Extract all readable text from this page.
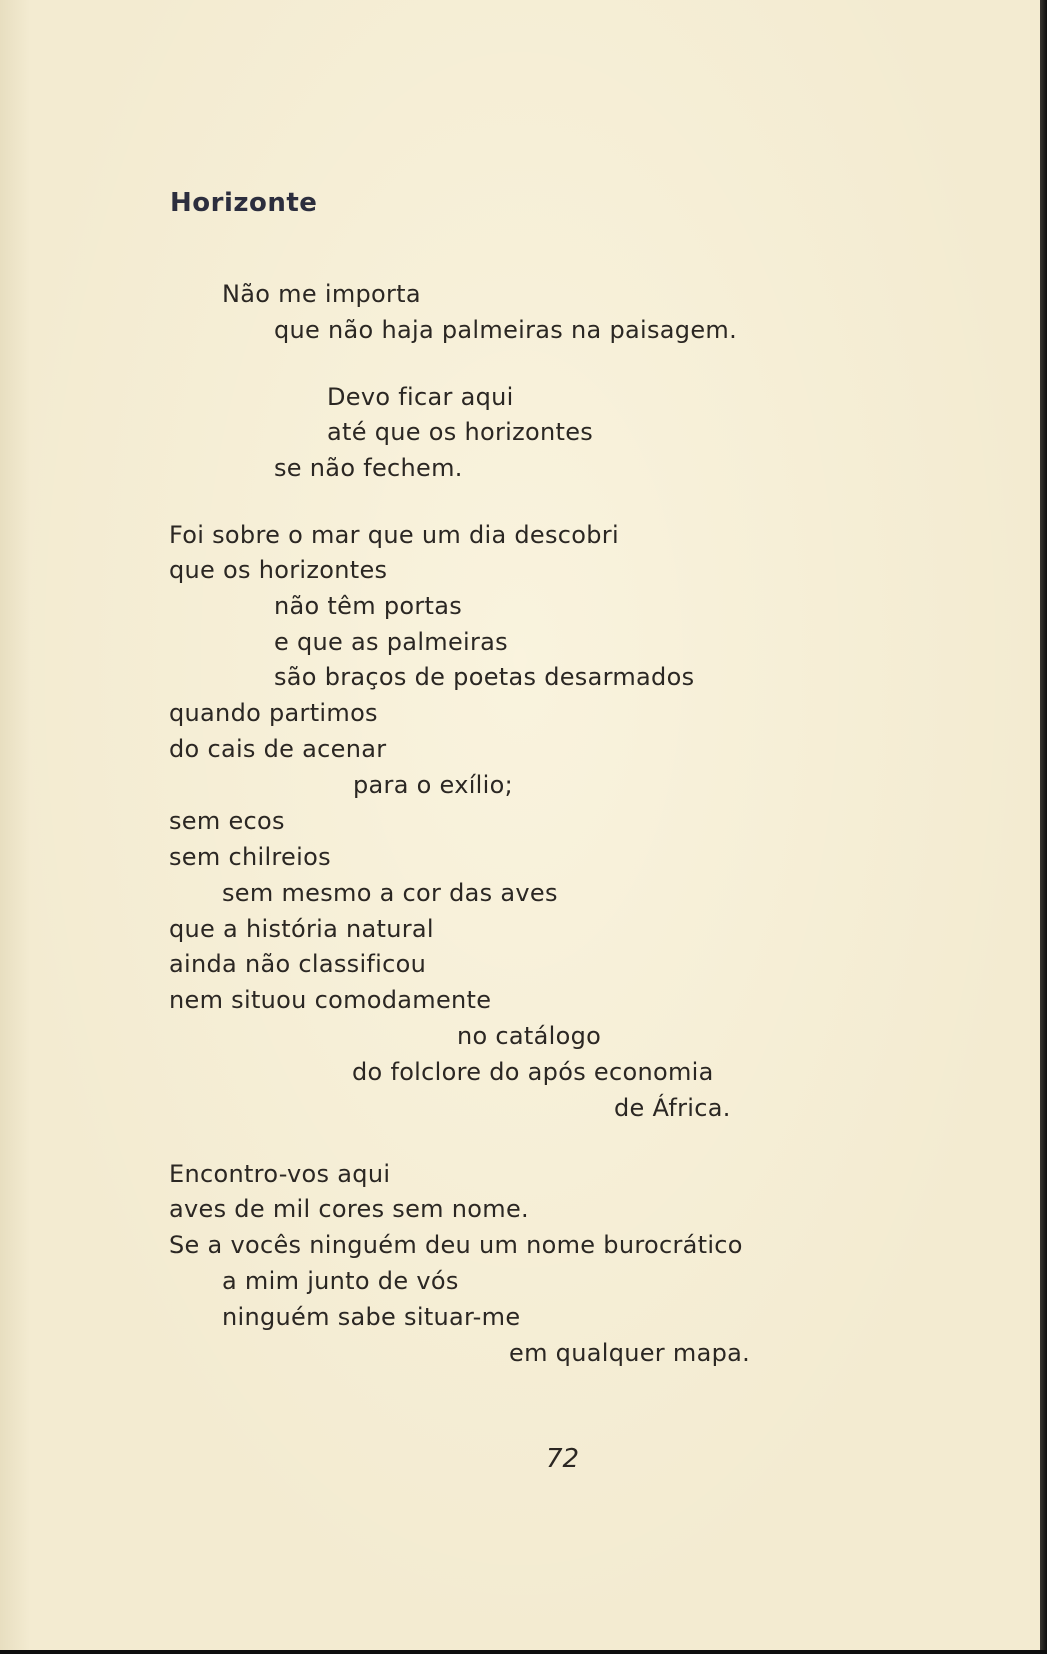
Horizonte
Não me importa
que não haja palmeiras na paisagem.
Devo ficar aqui
até que os horizontes
se não fechem.
Foi sobre o mar que um dia descobri
que os horizontes
não têm portas
e que as palmeiras
são braços de poetas desarmados
quando partimos
do cais de acenar
para o exílio;
sem ecos
sem chilreios
sem mesmo a cor das aves
que a história natural
ainda não classificou
nem situou comodamente
no catálogo
do folclore do após economia
de África.
Encontro-vos aqui
aves de mil cores sem nome.
Se a vocês ninguém deu um nome burocrático
a mim junto de vós
ninguém sabe situar-me
em qualquer mapa.
72
